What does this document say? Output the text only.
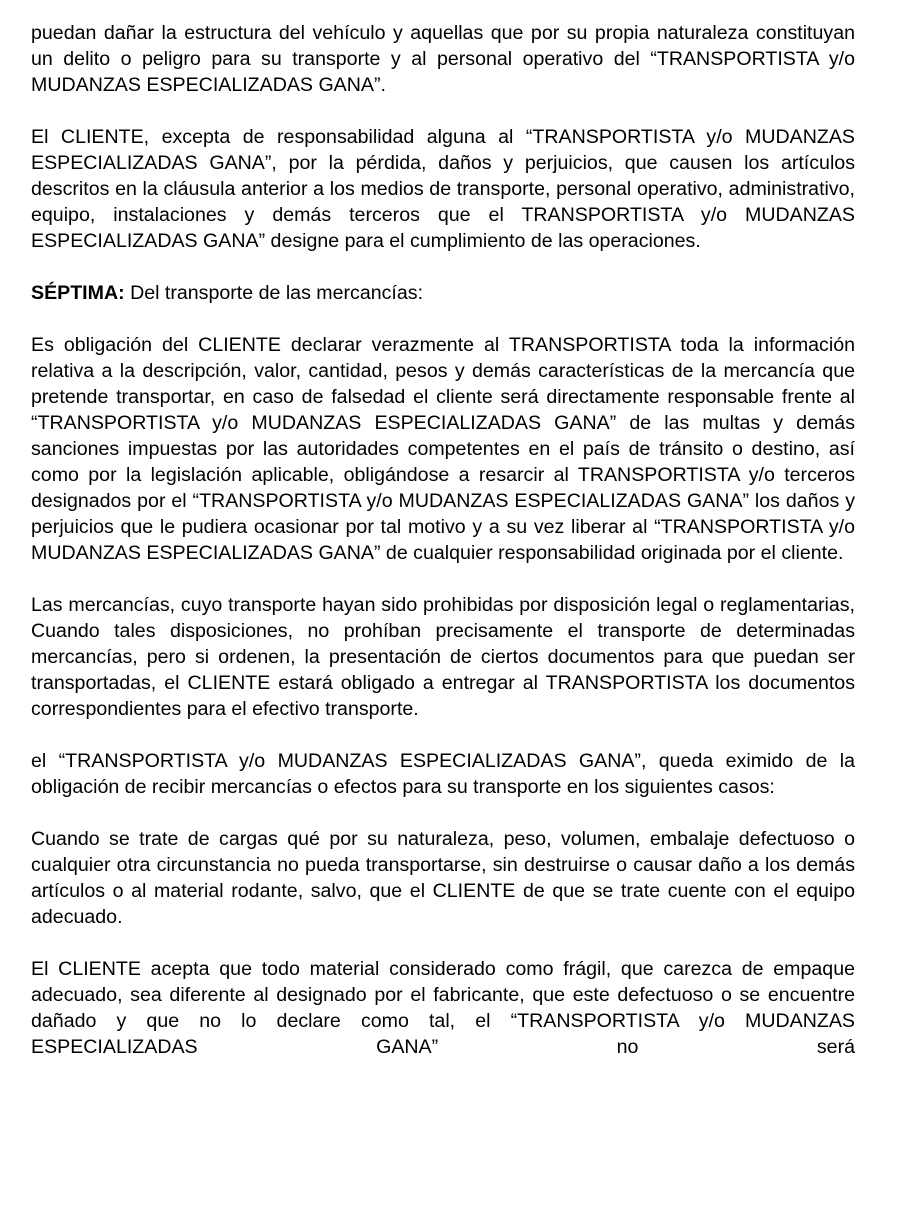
puedan dañar la estructura del vehículo y aquellas que por su propia naturaleza constituyan un delito o peligro para su transporte y al personal operativo del “TRANSPORTISTA y/o MUDANZAS ESPECIALIZADAS GANA”.

El CLIENTE, excepta de responsabilidad alguna al “TRANSPORTISTA y/o MUDANZAS ESPECIALIZADAS GANA”, por la pérdida, daños y perjuicios, que causen los artículos descritos en la cláusula anterior a los medios de transporte, personal operativo, administrativo, equipo, instalaciones y demás terceros que el TRANSPORTISTA y/o MUDANZAS ESPECIALIZADAS GANA” designe para el cumplimiento de las operaciones.

SÉPTIMA: Del transporte de las mercancías:

Es obligación del CLIENTE declarar verazmente al TRANSPORTISTA toda la información relativa a la descripción, valor, cantidad, pesos y demás características de la mercancía que pretende transportar, en caso de falsedad el cliente será directamente responsable frente al “TRANSPORTISTA y/o MUDANZAS ESPECIALIZADAS GANA” de las multas y demás sanciones impuestas por las autoridades competentes en el país de tránsito o destino, así como por la legislación aplicable, obligándose a resarcir al TRANSPORTISTA y/o terceros designados por el “TRANSPORTISTA y/o MUDANZAS ESPECIALIZADAS GANA” los daños y perjuicios que le pudiera ocasionar por tal motivo y a su vez liberar al “TRANSPORTISTA y/o MUDANZAS ESPECIALIZADAS GANA” de cualquier responsabilidad originada por el cliente.

Las mercancías, cuyo transporte hayan sido prohibidas por disposición legal o reglamentarias, Cuando tales disposiciones, no prohíban precisamente el transporte de determinadas mercancías, pero si ordenen, la presentación de ciertos documentos para que puedan ser transportadas, el CLIENTE estará obligado a entregar al TRANSPORTISTA los documentos correspondientes para el efectivo transporte.

el “TRANSPORTISTA y/o MUDANZAS ESPECIALIZADAS GANA”, queda eximido de la obligación de recibir mercancías o efectos para su transporte en los siguientes casos:

Cuando se trate de cargas qué por su naturaleza, peso, volumen, embalaje defectuoso o cualquier otra circunstancia no pueda transportarse, sin destruirse o causar daño a los demás artículos o al material rodante, salvo, que el CLIENTE de que se trate cuente con el equipo adecuado.

El CLIENTE acepta que todo material considerado como frágil, que carezca de empaque adecuado, sea diferente al designado por el fabricante, que este defectuoso o se encuentre dañado y que no lo declare como tal, el “TRANSPORTISTA y/o MUDANZAS ESPECIALIZADAS GANA” no será
